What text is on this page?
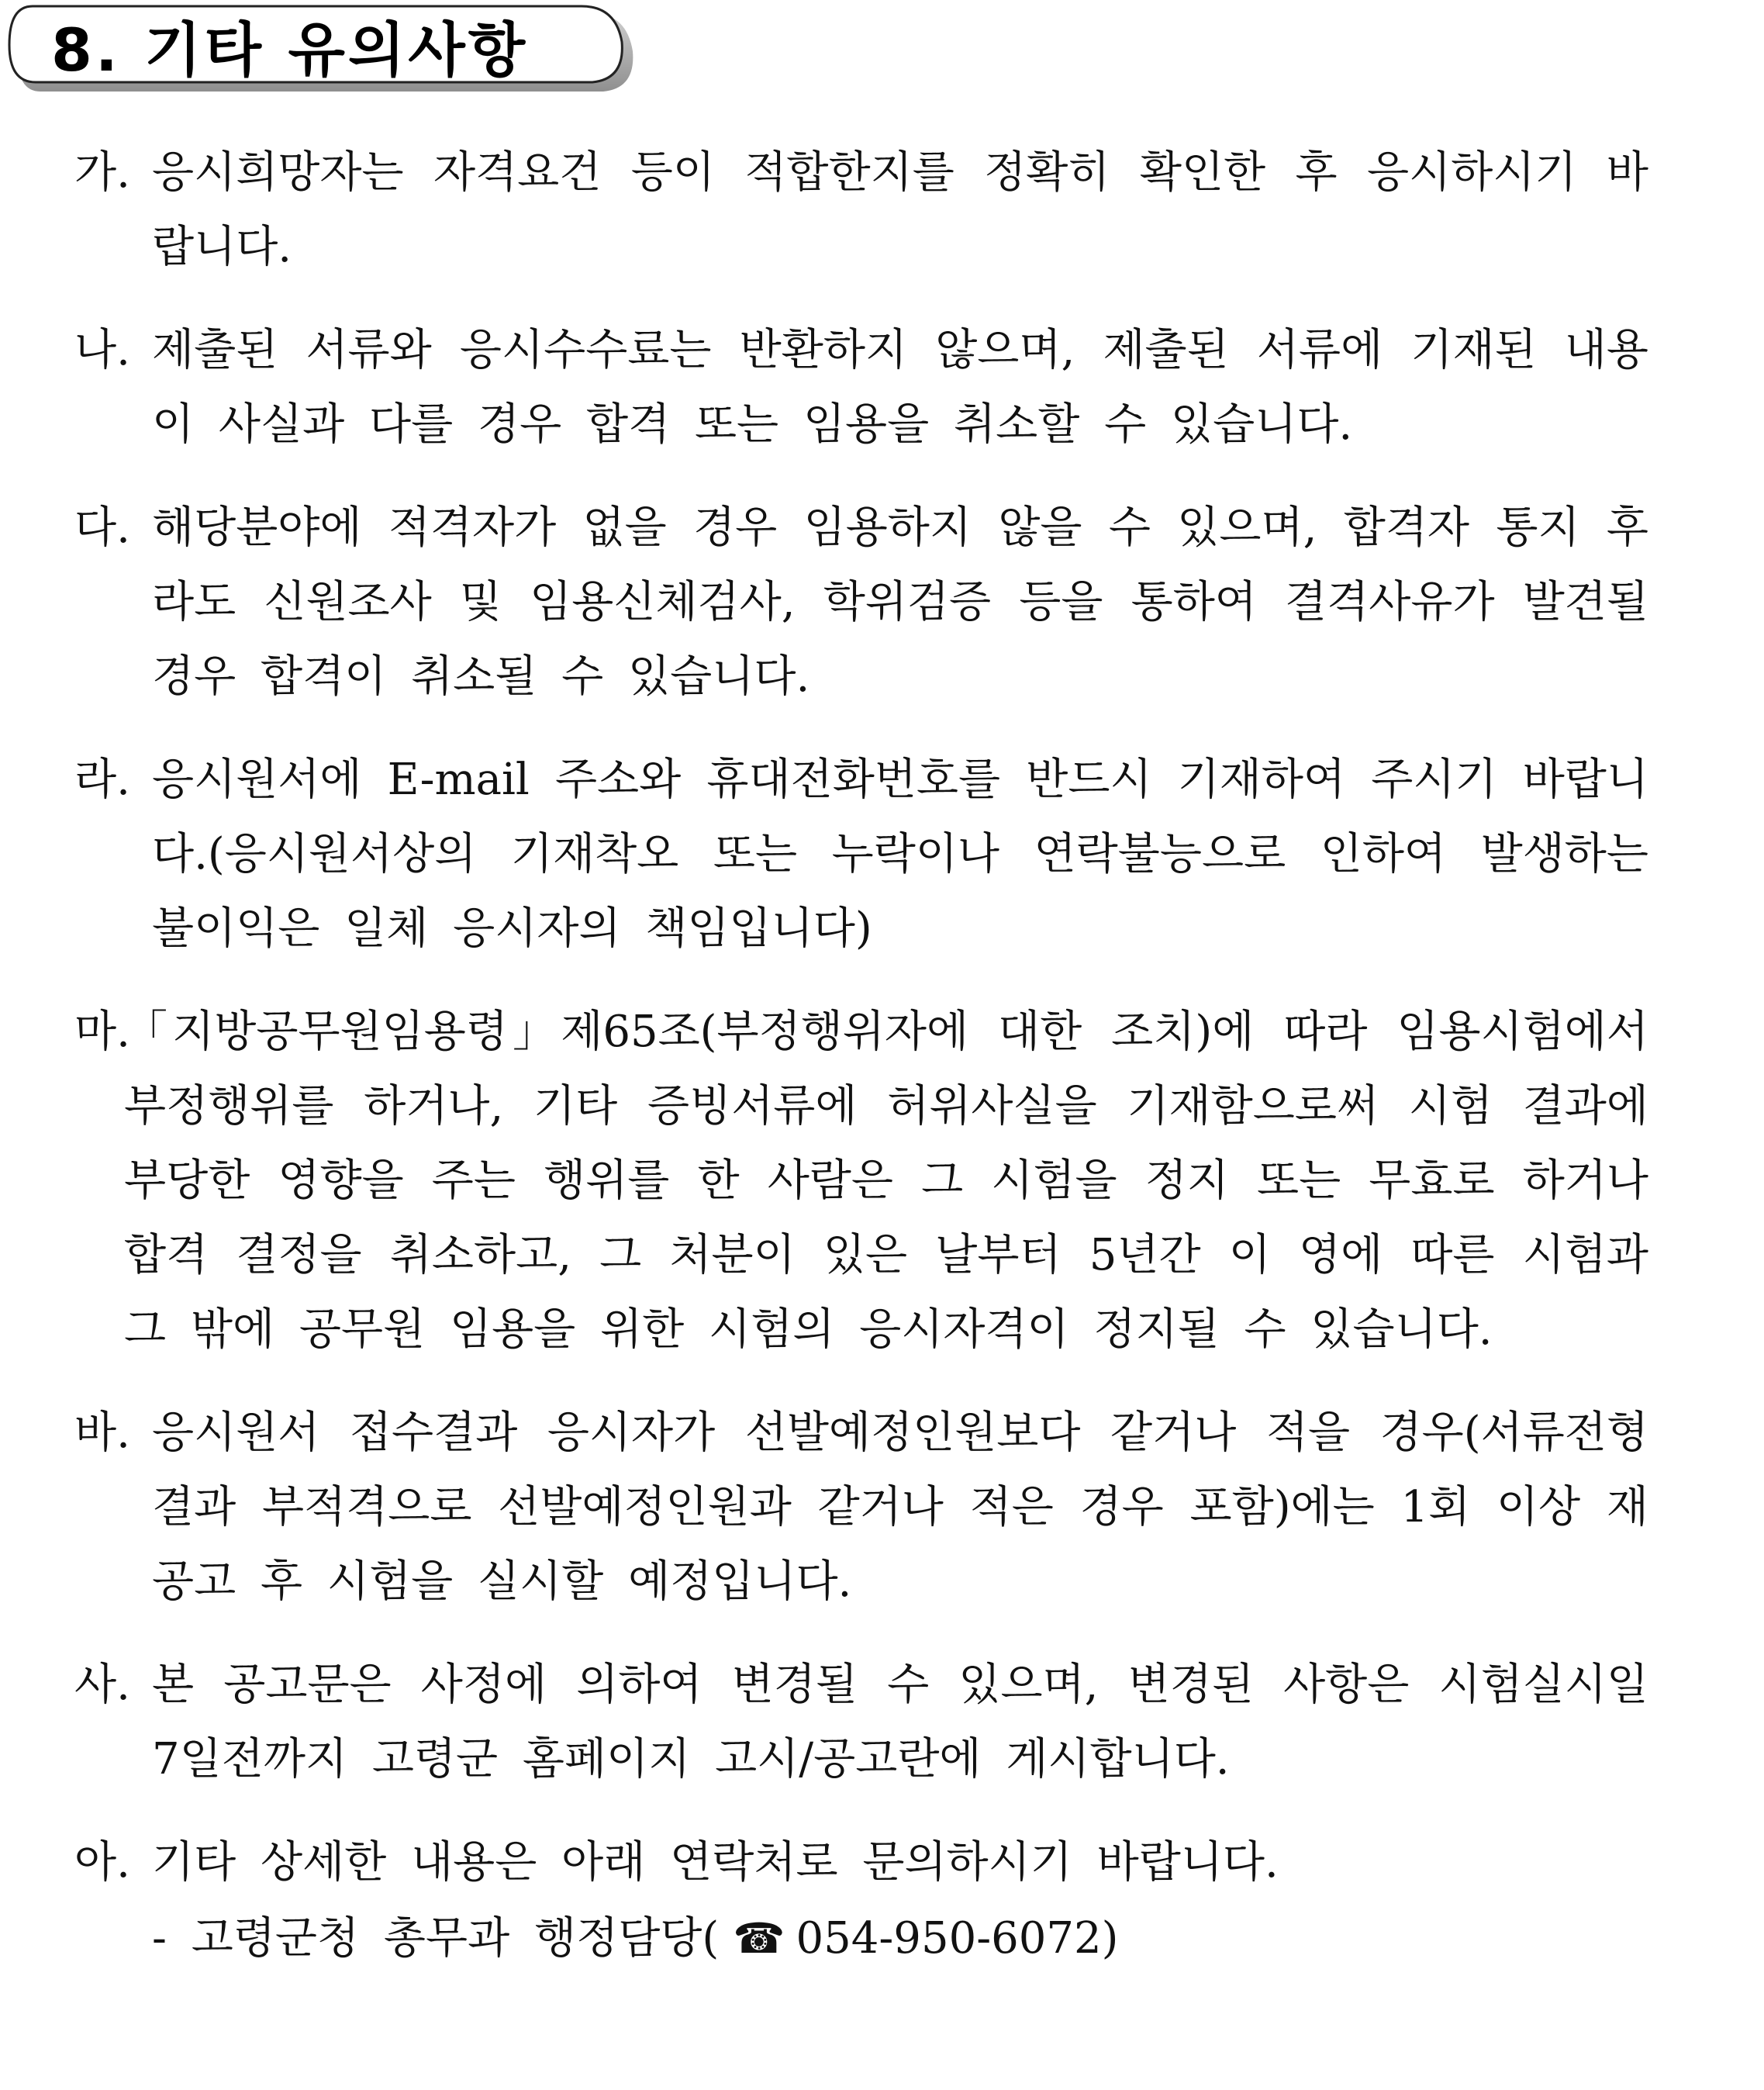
8. 기타 유의사항
가. 응시희망자는 자격요건 등이 적합한지를 정확히 확인한 후 응시하시기 바랍니다.
나. 제출된 서류와 응시수수료는 반환하지 않으며, 제출된 서류에 기재된 내용이 사실과 다를 경우 합격 또는 임용을 취소할 수 있습니다.
다. 해당분야에 적격자가 없을 경우 임용하지 않을 수 있으며, 합격자 통지 후라도 신원조사 및 임용신체검사, 학위검증 등을 통하여 결격사유가 발견될 경우 합격이 취소될 수 있습니다.
라. 응시원서에 E-mail 주소와 휴대전화번호를 반드시 기재하여 주시기 바랍니다.(응시원서상의 기재착오 또는 누락이나 연락불능으로 인하여 발생하는 불이익은 일체 응시자의 책임입니다)
마.
「지방공무원임용령」제65조(부정행위자에 대한 조치)에 따라 임용시험에서 부정행위를 하거나, 기타 증빙서류에 허위사실을 기재함으로써 시험 결과에 부당한 영향을 주는 행위를 한 사람은 그 시험을 정지 또는 무효로 하거나 합격 결정을 취소하고, 그 처분이 있은 날부터 5년간 이 영에 따른 시험과 그 밖에 공무원 임용을 위한 시험의 응시자격이 정지될 수 있습니다.
바. 응시원서 접수결과 응시자가 선발예정인원보다 같거나 적을 경우(서류전형 결과 부적격으로 선발예정인원과 같거나 적은 경우 포함)에는 1회 이상 재공고 후 시험을 실시할 예정입니다.
사. 본 공고문은 사정에 의하여 변경될 수 있으며, 변경된 사항은 시험실시일 7일전까지 고령군 홈페이지 고시/공고란에 게시합니다.
아. 기타 상세한 내용은 아래 연락처로 문의하시기 바랍니다.
- 고령군청 총무과 행정담당( ☎ 054-950-6072)
